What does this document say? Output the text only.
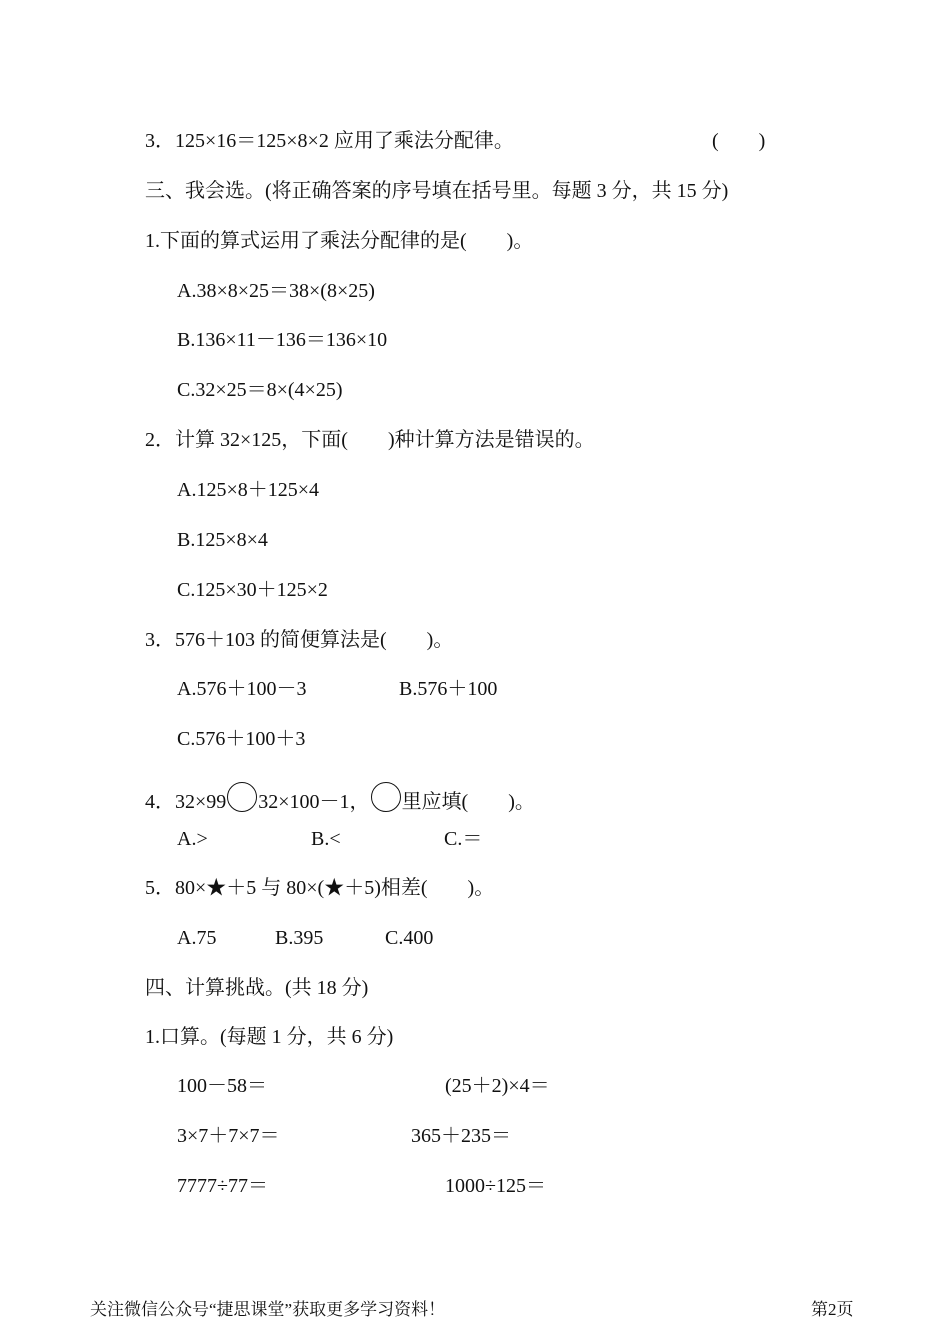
3．125×16＝125×8×2 应用了乘法分配律。	(　　)
三、我会选。(将正确答案的序号填在括号里。每题 3 分，共 15 分)
1.下面的算式运用了乘法分配律的是(　　)。
A.38×8×25＝38×(8×25)
B.136×11－136＝136×10
C.32×25＝8×(4×25)
2．计算 32×125，下面(　　)种计算方法是错误的。
A.125×8＋125×4
B.125×8×4
C.125×30＋125×2
3．576＋103 的简便算法是(　　)。
A.576＋100－3	B.576＋100
C.576＋100＋3
4．32×99 32×100－1， 里应填(　　)。
A.>	B.<	C.＝
5．80×★＋5 与 80×(★＋5)相差(　　)。
A.75	B.395	C.400
四、计算挑战。(共 18 分)
1.口算。(每题 1 分，共 6 分)
100－58＝	(25＋2)×4＝
3×7＋7×7＝	365＋235＝
7777÷77＝	1000÷125＝
关注微信公众号“捷思课堂”获取更多学习资料！	第2页
